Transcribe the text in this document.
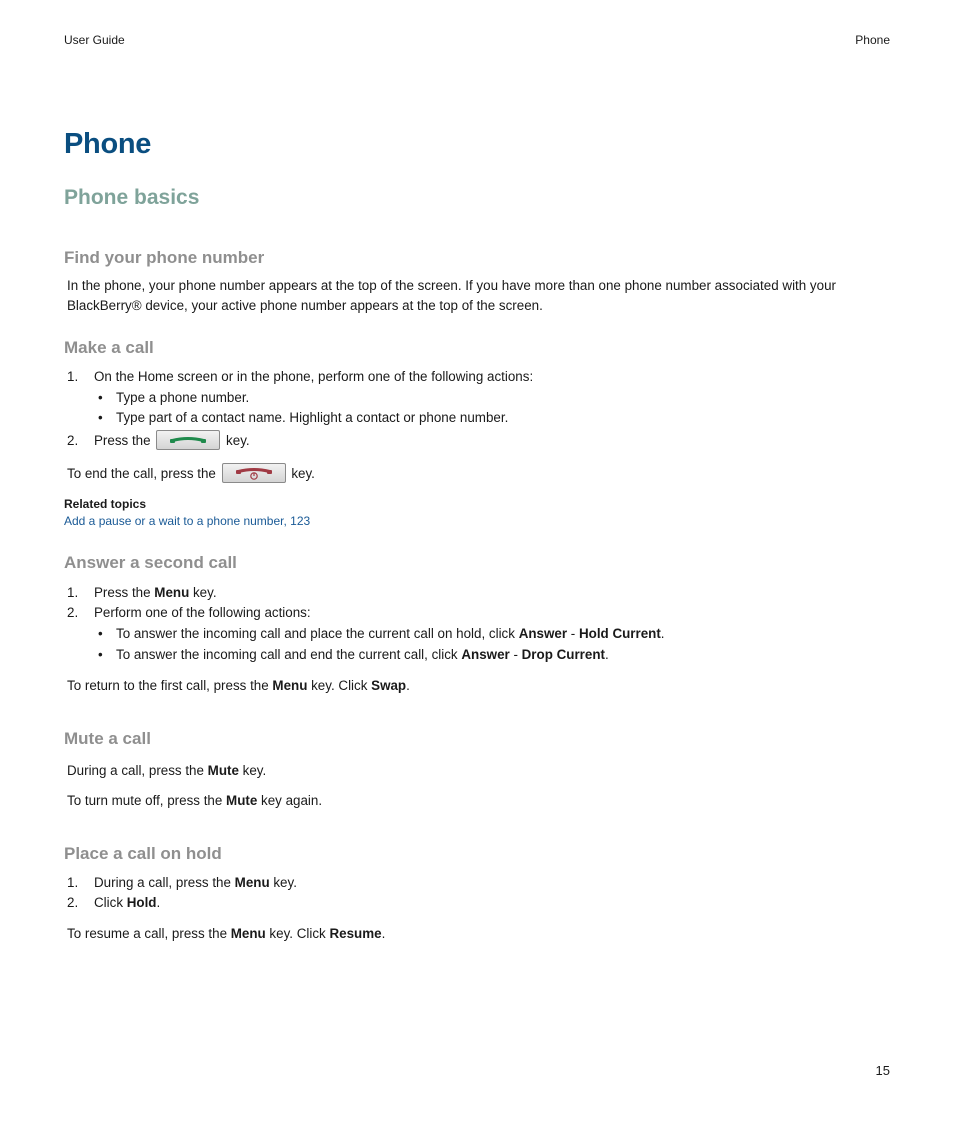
User Guide	Phone
Phone
Phone basics
Find your phone number

In the phone, your phone number appears at the top of the screen. If you have more than one phone number associated with your

BlackBerry® device, your active phone number appears at the top of the screen.

Make a call
1. On the Home screen or in the phone, perform one of the following actions:

• Type a phone number.

• Type part of a contact name. Highlight a contact or phone number.

2. Press the	key.

To end the call, press the	key.

Related topics
Add a pause or a wait to a phone number, 123
Answer a second call
1. Press the Menu key.

2. Perform one of the following actions:

• To answer the incoming call and place the current call on hold, click Answer - Hold Current.

• To answer the incoming call and end the current call, click Answer - Drop Current.

To return to the first call, press the Menu key. Click Swap.

Mute a call

During a call, press the Mute key.

To turn mute off, press the Mute key again.

Place a call on hold
1. During a call, press the Menu key.

2. Click Hold.

To resume a call, press the Menu key. Click Resume.

15
